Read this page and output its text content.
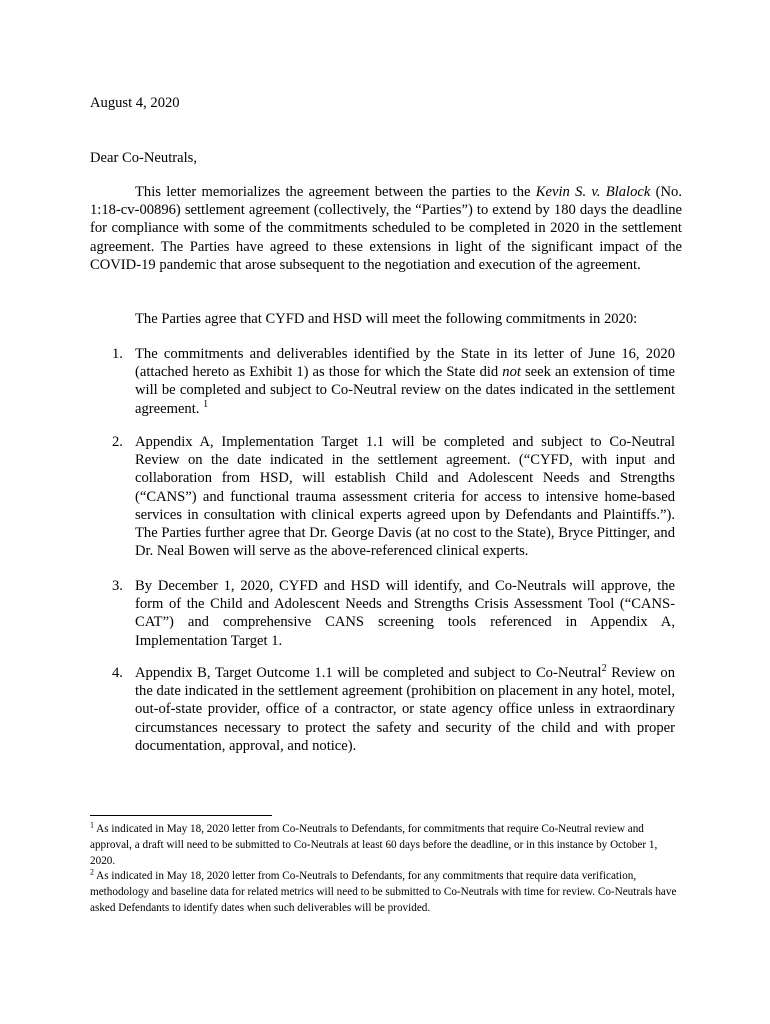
August 4, 2020
Dear Co-Neutrals,

This letter memorializes the agreement between the parties to the Kevin S. v. Blalock (No. 1:18-cv-00896) settlement agreement (collectively, the “Parties”) to extend by 180 days the deadline for compliance with some of the commitments scheduled to be completed in 2020 in the settlement agreement. The Parties have agreed to these extensions in light of the significant impact of the COVID-19 pandemic that arose subsequent to the negotiation and execution of the agreement.

The Parties agree that CYFD and HSD will meet the following commitments in 2020:

1. The commitments and deliverables identified by the State in its letter of June 16, 2020 (attached hereto as Exhibit 1) as those for which the State did not seek an extension of time will be completed and subject to Co-Neutral review on the dates indicated in the settlement agreement. $^1$
2. Appendix A, Implementation Target 1.1 will be completed and subject to Co-Neutral Review on the date indicated in the settlement agreement. (“CYFD, with input and collaboration from HSD, will establish Child and Adolescent Needs and Strengths (“CANS”) and functional trauma assessment criteria for access to intensive home-based services in consultation with clinical experts agreed upon by Defendants and Plaintiffs.”). The Parties further agree that Dr. George Davis (at no cost to the State), Bryce Pittinger, and Dr. Neal Bowen will serve as the above-referenced clinical experts.
3. By December 1, 2020, CYFD and HSD will identify, and Co-Neutrals will approve, the form of the Child and Adolescent Needs and Strengths Crisis Assessment Tool (“CANS-CAT”) and comprehensive CANS screening tools referenced in Appendix A, Implementation Target 1.
4. Appendix B, Target Outcome 1.1 will be completed and subject to Co-Neutral$^2$ Review on the date indicated in the settlement agreement (prohibition on placement in any hotel, motel, out-of-state provider, office of a contractor, or state agency office unless in extraordinary circumstances necessary to protect the safety and security of the child and with proper documentation, approval, and notice).
$^1$ As indicated in May 18, 2020 letter from Co-Neutrals to Defendants, for commitments that require Co-Neutral review and approval, a draft will need to be submitted to Co-Neutrals at least 60 days before the deadline, or in this instance by October 1, 2020.
$^2$ As indicated in May 18, 2020 letter from Co-Neutrals to Defendants, for any commitments that require data verification, methodology and baseline data for related metrics will need to be submitted to Co-Neutrals with time for review. Co-Neutrals have asked Defendants to identify dates when such deliverables will be provided.
